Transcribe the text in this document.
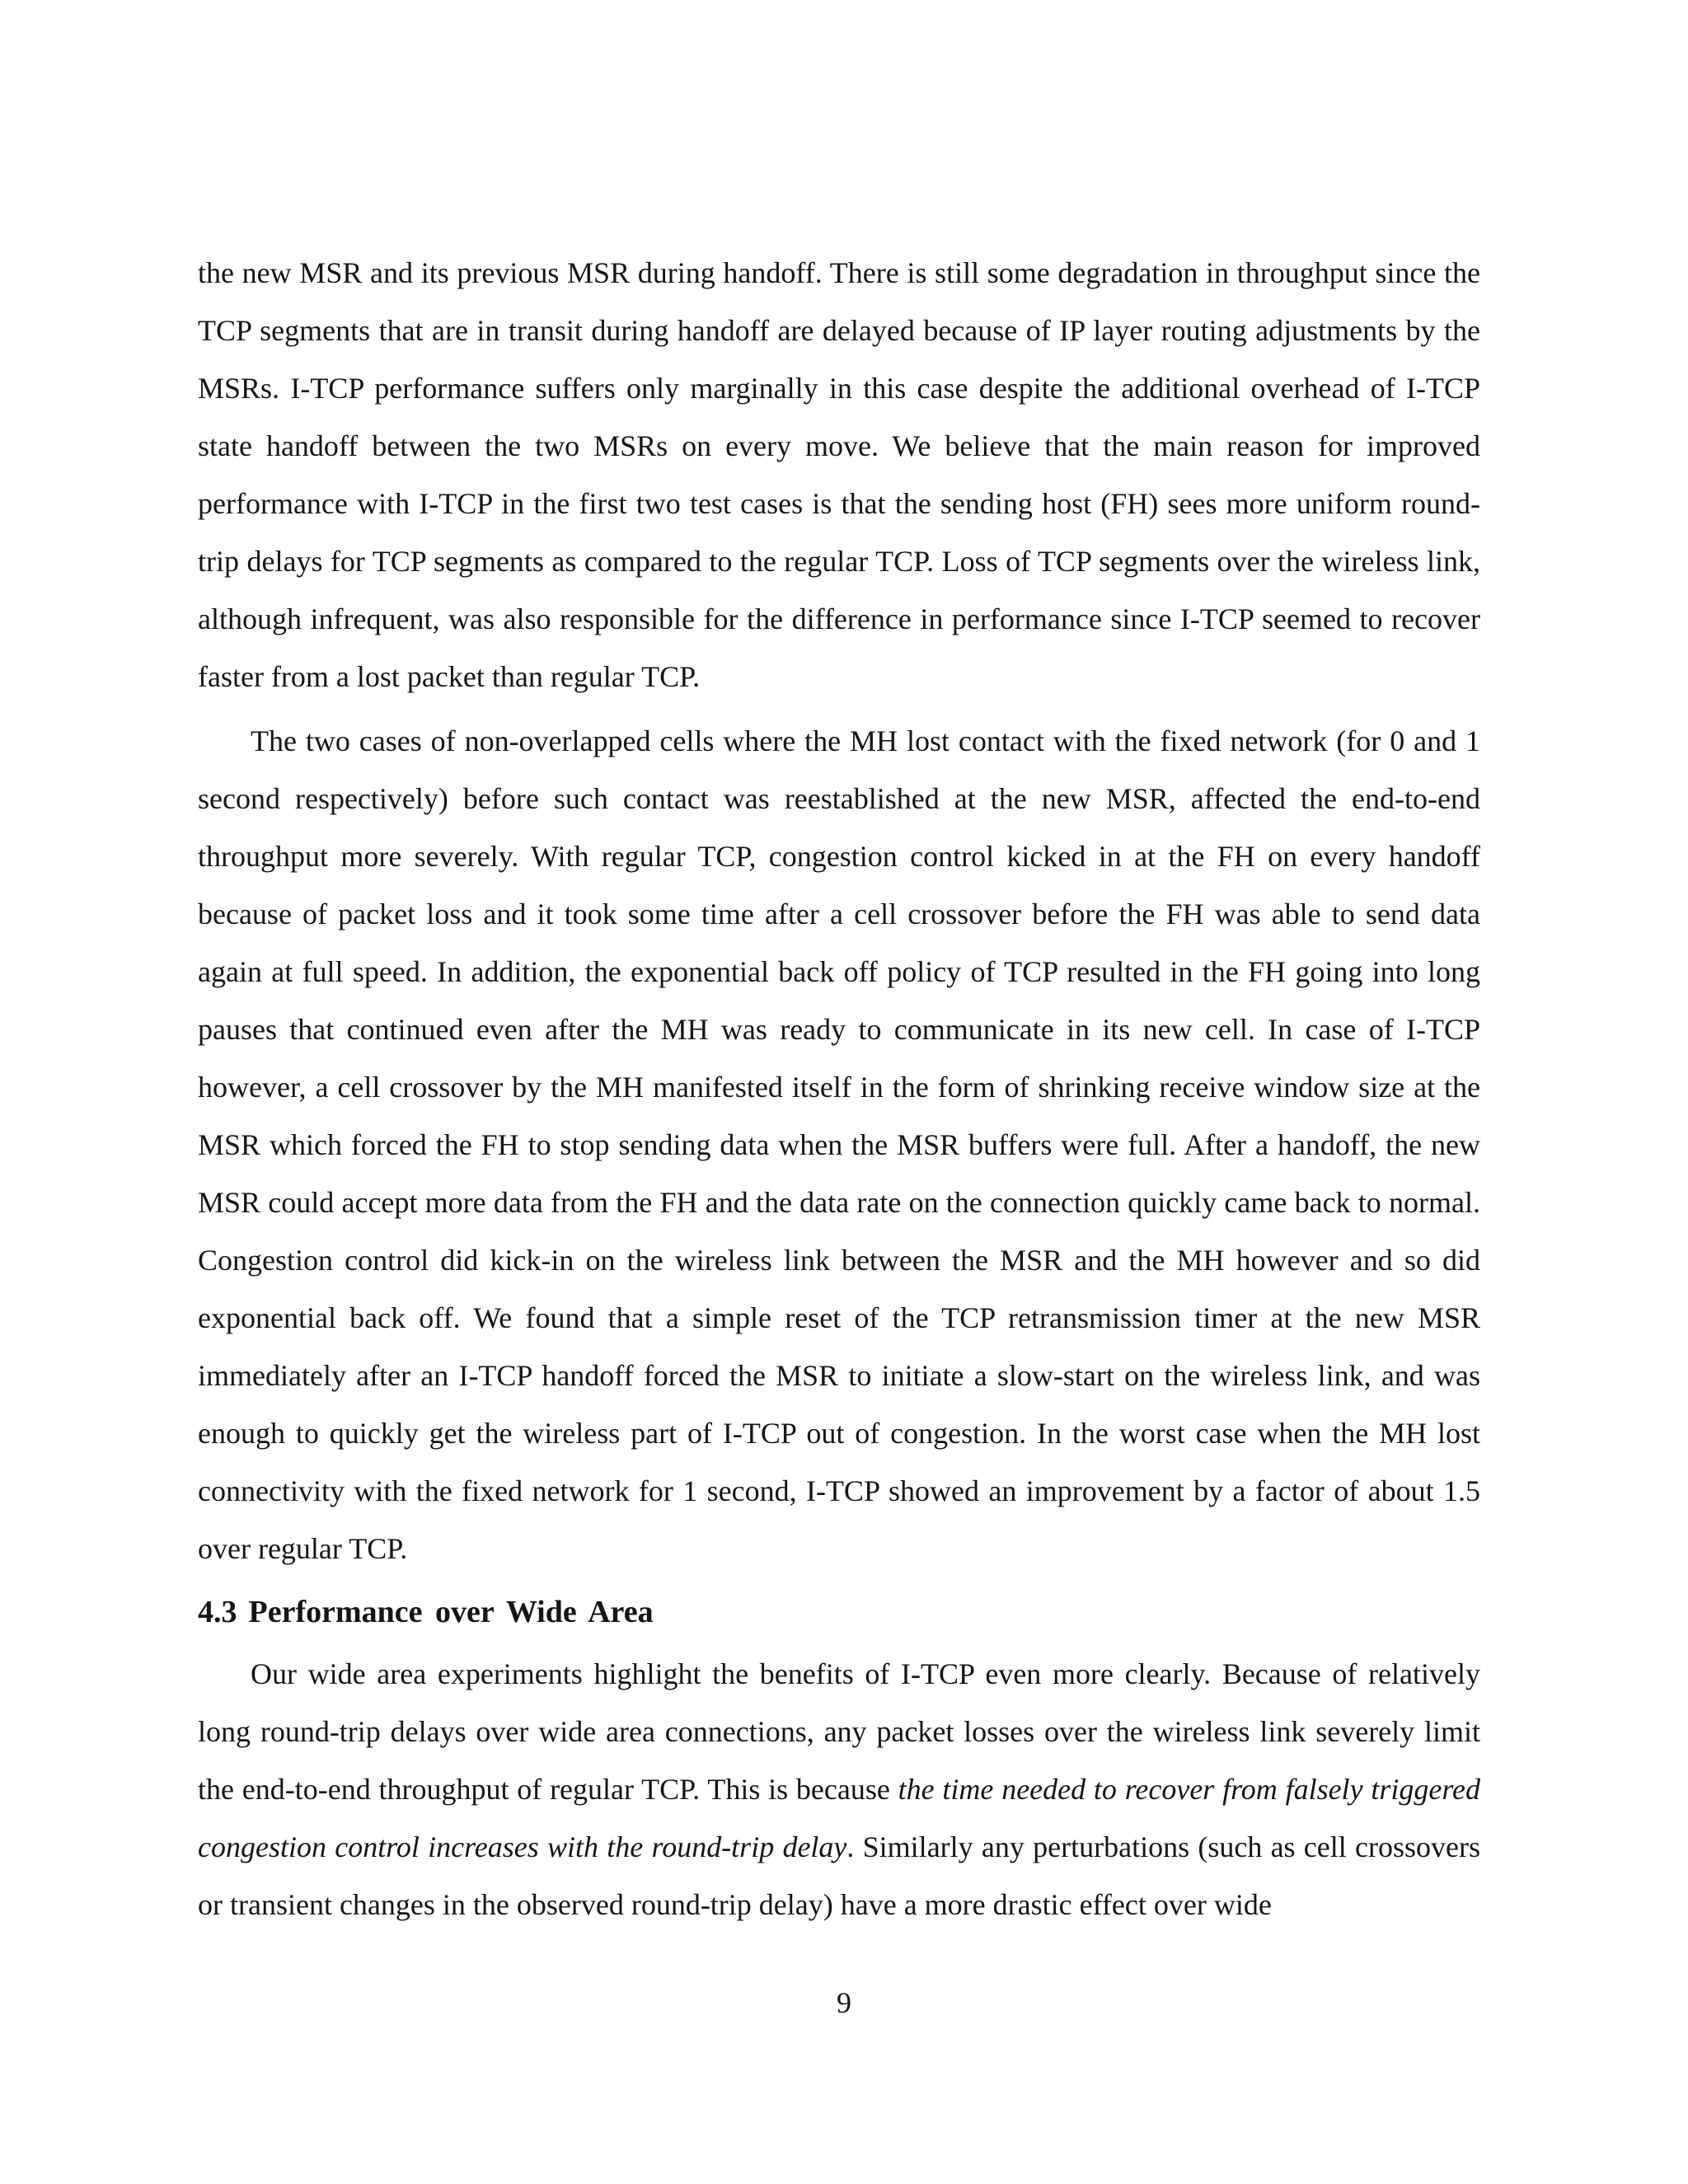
the new MSR and its previous MSR during handoff. There is still some degradation in throughput since the TCP segments that are in transit during handoff are delayed because of IP layer routing adjustments by the MSRs. I-TCP performance suffers only marginally in this case despite the additional overhead of I-TCP state handoff between the two MSRs on every move. We believe that the main reason for improved performance with I-TCP in the first two test cases is that the sending host (FH) sees more uniform round-trip delays for TCP segments as compared to the regular TCP. Loss of TCP segments over the wireless link, although infrequent, was also responsible for the difference in performance since I-TCP seemed to recover faster from a lost packet than regular TCP.

The two cases of non-overlapped cells where the MH lost contact with the fixed network (for 0 and 1 second respectively) before such contact was reestablished at the new MSR, affected the end-to-end throughput more severely. With regular TCP, congestion control kicked in at the FH on every handoff because of packet loss and it took some time after a cell crossover before the FH was able to send data again at full speed. In addition, the exponential back off policy of TCP resulted in the FH going into long pauses that continued even after the MH was ready to communicate in its new cell. In case of I-TCP however, a cell crossover by the MH manifested itself in the form of shrinking receive window size at the MSR which forced the FH to stop sending data when the MSR buffers were full. After a handoff, the new MSR could accept more data from the FH and the data rate on the connection quickly came back to normal. Congestion control did kick-in on the wireless link between the MSR and the MH however and so did exponential back off. We found that a simple reset of the TCP retransmission timer at the new MSR immediately after an I-TCP handoff forced the MSR to initiate a slow-start on the wireless link, and was enough to quickly get the wireless part of I-TCP out of congestion. In the worst case when the MH lost connectivity with the fixed network for 1 second, I-TCP showed an improvement by a factor of about 1.5 over regular TCP.

4.3 Performance over Wide Area

Our wide area experiments highlight the benefits of I-TCP even more clearly. Because of relatively long round-trip delays over wide area connections, any packet losses over the wireless link severely limit the end-to-end throughput of regular TCP. This is because the time needed to recover from falsely triggered congestion control increases with the round-trip delay. Similarly any perturbations (such as cell crossovers or transient changes in the observed round-trip delay) have a more drastic effect over wide

9
